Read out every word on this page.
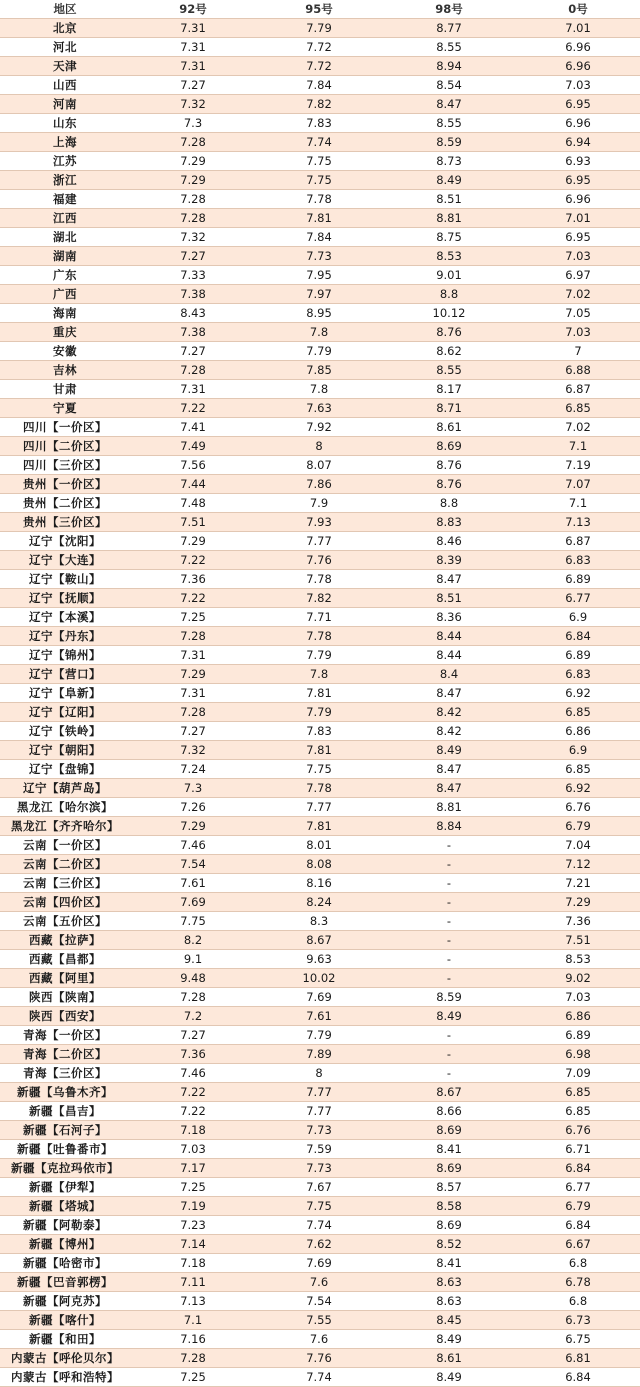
地区	92号	95号	98号	0号
北京	7.31	7.79	8.77	7.01
河北	7.31	7.72	8.55	6.96
天津	7.31	7.72	8.94	6.96
山西	7.27	7.84	8.54	7.03
河南	7.32	7.82	8.47	6.95
山东	7.3	7.83	8.55	6.96
上海	7.28	7.74	8.59	6.94
江苏	7.29	7.75	8.73	6.93
浙江	7.29	7.75	8.49	6.95
福建	7.28	7.78	8.51	6.96
江西	7.28	7.81	8.81	7.01
湖北	7.32	7.84	8.75	6.95
湖南	7.27	7.73	8.53	7.03
广东	7.33	7.95	9.01	6.97
广西	7.38	7.97	8.8	7.02
海南	8.43	8.95	10.12	7.05
重庆	7.38	7.8	8.76	7.03
安徽	7.27	7.79	8.62	7
吉林	7.28	7.85	8.55	6.88
甘肃	7.31	7.8	8.17	6.87
宁夏	7.22	7.63	8.71	6.85
四川【一价区】	7.41	7.92	8.61	7.02
四川【二价区】	7.49	8	8.69	7.1
四川【三价区】	7.56	8.07	8.76	7.19
贵州【一价区】	7.44	7.86	8.76	7.07
贵州【二价区】	7.48	7.9	8.8	7.1
贵州【三价区】	7.51	7.93	8.83	7.13
辽宁【沈阳】	7.29	7.77	8.46	6.87
辽宁【大连】	7.22	7.76	8.39	6.83
辽宁【鞍山】	7.36	7.78	8.47	6.89
辽宁【抚顺】	7.22	7.82	8.51	6.77
辽宁【本溪】	7.25	7.71	8.36	6.9
辽宁【丹东】	7.28	7.78	8.44	6.84
辽宁【锦州】	7.31	7.79	8.44	6.89
辽宁【营口】	7.29	7.8	8.4	6.83
辽宁【阜新】	7.31	7.81	8.47	6.92
辽宁【辽阳】	7.28	7.79	8.42	6.85
辽宁【铁岭】	7.27	7.83	8.42	6.86
辽宁【朝阳】	7.32	7.81	8.49	6.9
辽宁【盘锦】	7.24	7.75	8.47	6.85
辽宁【葫芦岛】	7.3	7.78	8.47	6.92
黑龙江【哈尔滨】	7.26	7.77	8.81	6.76
黑龙江【齐齐哈尔】	7.29	7.81	8.84	6.79
云南【一价区】	7.46	8.01	-	7.04
云南【二价区】	7.54	8.08	-	7.12
云南【三价区】	7.61	8.16	-	7.21
云南【四价区】	7.69	8.24	-	7.29
云南【五价区】	7.75	8.3	-	7.36
西藏【拉萨】	8.2	8.67	-	7.51
西藏【昌都】	9.1	9.63	-	8.53
西藏【阿里】	9.48	10.02	-	9.02
陕西【陕南】	7.28	7.69	8.59	7.03
陕西【西安】	7.2	7.61	8.49	6.86
青海【一价区】	7.27	7.79	-	6.89
青海【二价区】	7.36	7.89	-	6.98
青海【三价区】	7.46	8	-	7.09
新疆【乌鲁木齐】	7.22	7.77	8.67	6.85
新疆【昌吉】	7.22	7.77	8.66	6.85
新疆【石河子】	7.18	7.73	8.69	6.76
新疆【吐鲁番市】	7.03	7.59	8.41	6.71
新疆【克拉玛依市】	7.17	7.73	8.69	6.84
新疆【伊犁】	7.25	7.67	8.57	6.77
新疆【塔城】	7.19	7.75	8.58	6.79
新疆【阿勒泰】	7.23	7.74	8.69	6.84
新疆【博州】	7.14	7.62	8.52	6.67
新疆【哈密市】	7.18	7.69	8.41	6.8
新疆【巴音郭楞】	7.11	7.6	8.63	6.78
新疆【阿克苏】	7.13	7.54	8.63	6.8
新疆【喀什】	7.1	7.55	8.45	6.73
新疆【和田】	7.16	7.6	8.49	6.75
内蒙古【呼伦贝尔】	7.28	7.76	8.61	6.81
内蒙古【呼和浩特】	7.25	7.74	8.49	6.84
